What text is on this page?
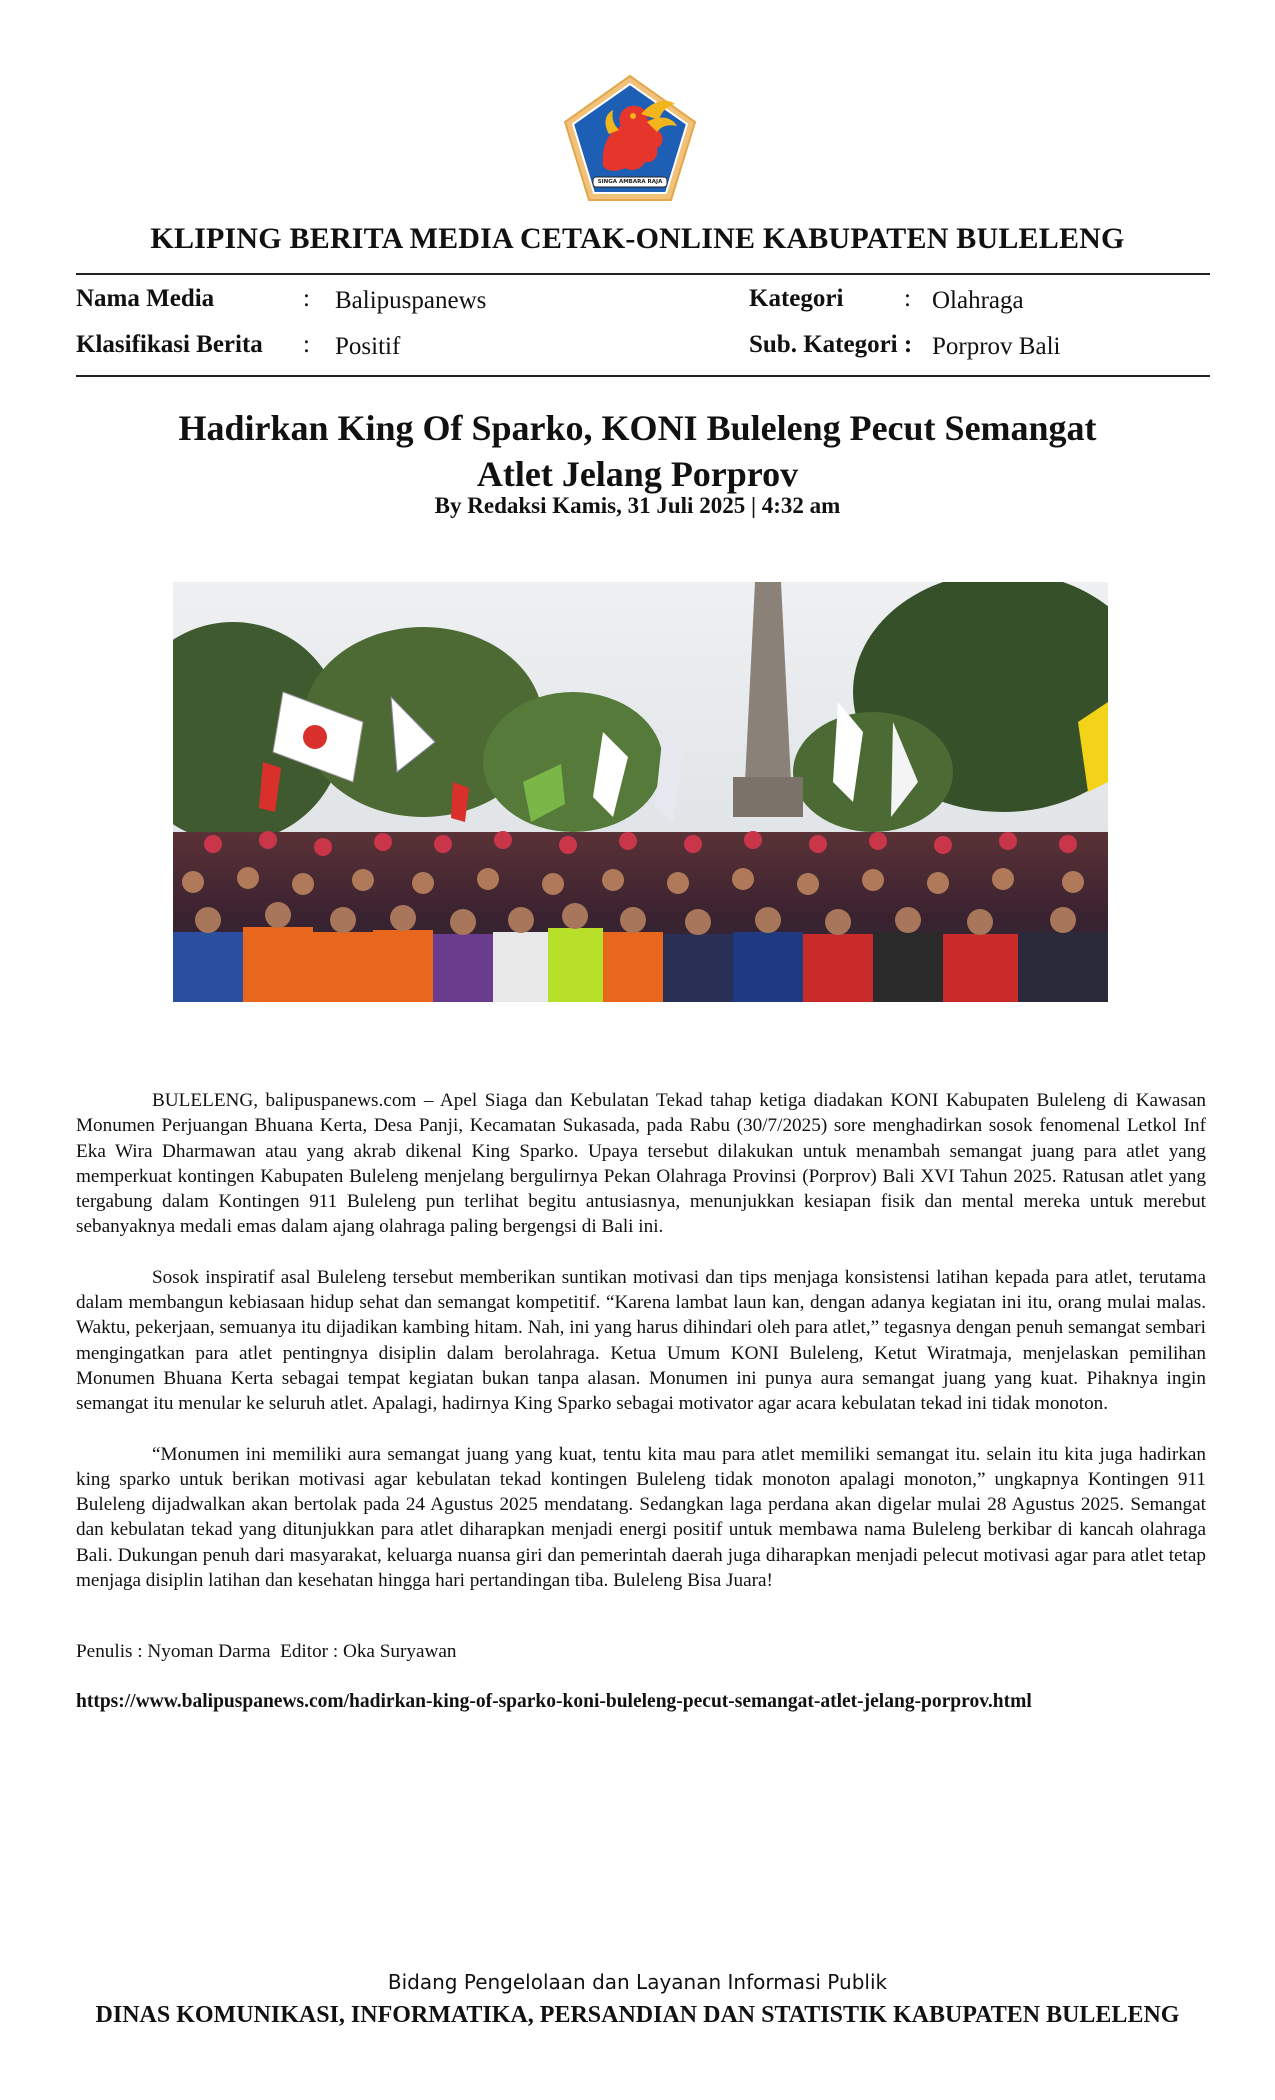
SINGA AMBARA RAJA
KLIPING BERITA MEDIA CETAK-ONLINE KABUPATEN BULELENG
Nama Media	: Balipuspanews
Klasifikasi Berita : Positif
Kategori : Olahraga
Sub. Kategori : Porprov Bali
Hadirkan King Of Sparko, KONI Buleleng Pecut Semangat
Atlet Jelang Porprov
By Redaksi Kamis, 31 Juli 2025 | 4:32 am

BULELENG, balipuspanews.com – Apel Siaga dan Kebulatan Tekad tahap ketiga diadakan KONI Kabupaten Buleleng di Kawasan Monumen Perjuangan Bhuana Kerta, Desa Panji, Kecamatan Sukasada, pada Rabu (30/7/2025) sore menghadirkan sosok fenomenal Letkol Inf Eka Wira Dharmawan atau yang akrab dikenal King Sparko. Upaya tersebut dilakukan untuk menambah semangat juang para atlet yang memperkuat kontingen Kabupaten Buleleng menjelang bergulirnya Pekan Olahraga Provinsi (Porprov) Bali XVI Tahun 2025. Ratusan atlet yang tergabung dalam Kontingen 911 Buleleng pun terlihat begitu antusiasnya, menunjukkan kesiapan fisik dan mental mereka untuk merebut sebanyaknya medali emas dalam ajang olahraga paling bergengsi di Bali ini.

Sosok inspiratif asal Buleleng tersebut memberikan suntikan motivasi dan tips menjaga konsistensi latihan kepada para atlet, terutama dalam membangun kebiasaan hidup sehat dan semangat kompetitif. “Karena lambat laun kan, dengan adanya kegiatan ini itu, orang mulai malas. Waktu, pekerjaan, semuanya itu dijadikan kambing hitam. Nah, ini yang harus dihindari oleh para atlet,” tegasnya dengan penuh semangat sembari mengingatkan para atlet pentingnya disiplin dalam berolahraga. Ketua Umum KONI Buleleng, Ketut Wiratmaja, menjelaskan pemilihan Monumen Bhuana Kerta sebagai tempat kegiatan bukan tanpa alasan. Monumen ini punya aura semangat juang yang kuat. Pihaknya ingin semangat itu menular ke seluruh atlet. Apalagi, hadirnya King Sparko sebagai motivator agar acara kebulatan tekad ini tidak monoton.

“Monumen ini memiliki aura semangat juang yang kuat, tentu kita mau para atlet memiliki semangat itu. selain itu kita juga hadirkan king sparko untuk berikan motivasi agar kebulatan tekad kontingen Buleleng tidak monoton apalagi monoton,” ungkapnya Kontingen 911 Buleleng dijadwalkan akan bertolak pada 24 Agustus 2025 mendatang. Sedangkan laga perdana akan digelar mulai 28 Agustus 2025. Semangat dan kebulatan tekad yang ditunjukkan para atlet diharapkan menjadi energi positif untuk membawa nama Buleleng berkibar di kancah olahraga Bali. Dukungan penuh dari masyarakat, keluarga nuansa giri dan pemerintah daerah juga diharapkan menjadi pelecut motivasi agar para atlet tetap menjaga disiplin latihan dan kesehatan hingga hari pertandingan tiba. Buleleng Bisa Juara!

Penulis : Nyoman Darma  Editor : Oka Suryawan
https://www.balipuspanews.com/hadirkan-king-of-sparko-koni-buleleng-pecut-semangat-atlet-jelang-porprov.html
Bidang Pengelolaan dan Layanan Informasi Publik
DINAS KOMUNIKASI, INFORMATIKA, PERSANDIAN DAN STATISTIK KABUPATEN BULELENG
